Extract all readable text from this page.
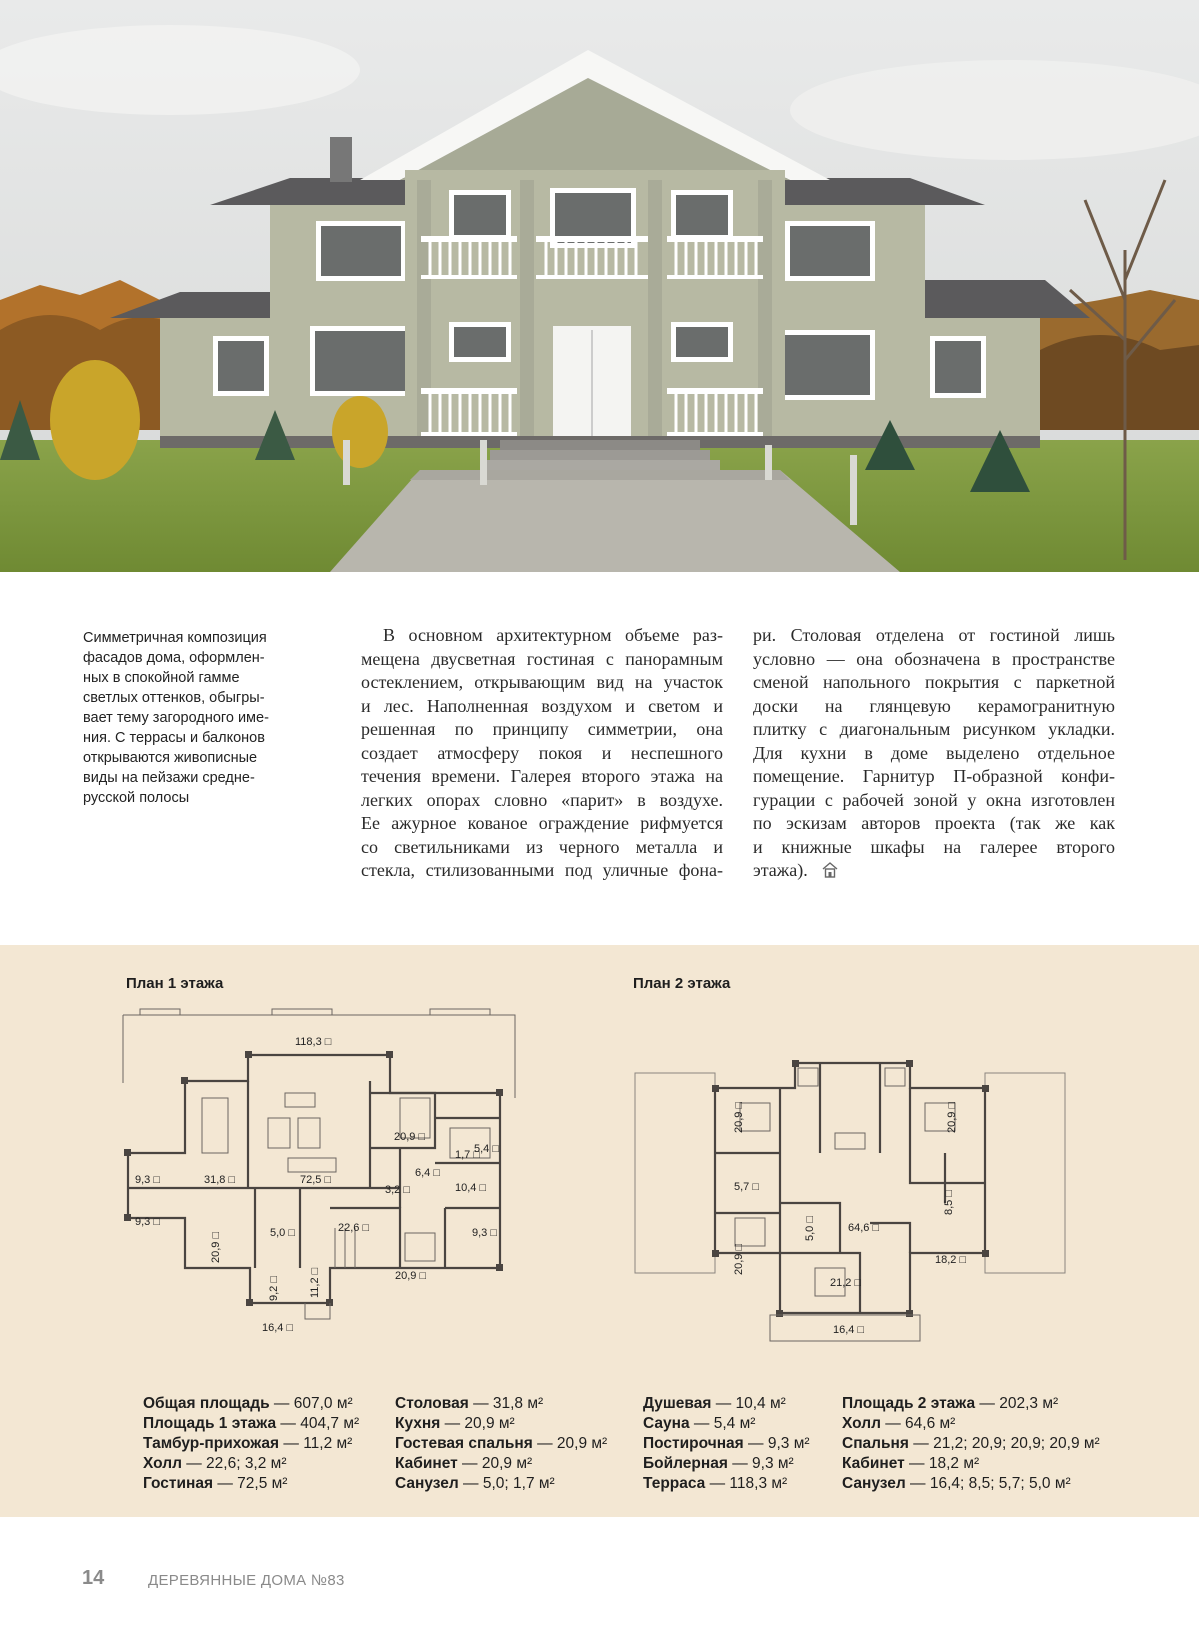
Симметричная композиция
фасадов дома, оформлен-
ных в спокойной гамме
светлых оттенков, обыгры-
вает тему загородного име-
ния. С террасы и балконов
открываются живописные
виды на пейзажи средне-
русской полосы
В основном архитектурном объеме раз-
мещена двусветная гостиная с панорамным
остеклением, открывающим вид на участок
и лес. Наполненная воздухом и светом и
решенная по принципу симметрии, она
создает атмосферу покоя и неспешного
течения времени. Галерея второго этажа на
легких опорах словно «парит» в воздухе.
Ее ажурное кованое ограждение рифмуется
со светильниками из черного металла и
стекла, стилизованными под уличные фона-
ри. Столовая отделена от гостиной лишь
условно — она обозначена в пространстве
сменой напольного покрытия с паркетной
доски на глянцевую керамогранитную
плитку с диагональным рисунком укладки.
Для кухни в доме выделено отдельное
помещение. Гарнитур П-образной конфи-
гурации с рабочей зоной у окна изготовлен
по эскизам авторов проекта (так же как
и книжные шкафы на галерее второго
этажа).
План 1 этажа	План 2 этажа
118,3 □
9,3 □
9,3 □
31,8 □	72,5 □
20,9 □
1,7 □
5,4 □
6,4 □
3,2 □	10,4 □
20,9 □	5,0 □	22,6 □	9,3 □
9,2 □	11,2 □	20,9 □
16,4 □
20,9 □	20,9 □
5,7 □
8,5 □
5,0 □	64,6 □
20,9 □	18,2 □
21,2 □
16,4 □
Общая площадь — 607,0 м²
Площадь 1 этажа — 404,7 м²
Тамбур-прихожая — 11,2 м²
Холл — 22,6; 3,2 м²
Гостиная — 72,5 м²
Столовая — 31,8 м²
Кухня — 20,9 м²
Гостевая спальня — 20,9 м²
Кабинет — 20,9 м²
Санузел — 5,0; 1,7 м²
Душевая — 10,4 м²
Сауна — 5,4 м²
Постирочная — 9,3 м²
Бойлерная — 9,3 м²
Терраса — 118,3 м²
Площадь 2 этажа — 202,3 м²
Холл — 64,6 м²
Спальня — 21,2; 20,9; 20,9; 20,9 м²
Кабинет — 18,2 м²
Санузел — 16,4; 8,5; 5,7; 5,0 м²
14	ДЕРЕВЯННЫЕ ДОМА №83
